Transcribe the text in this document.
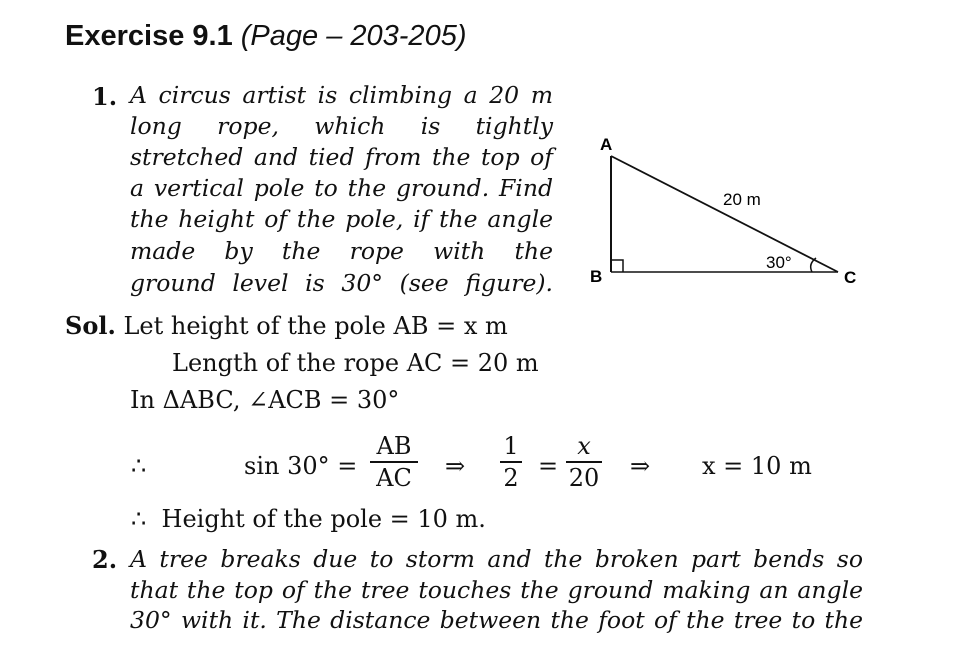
Exercise 9.1 (Page – 203-205)
1. A circus artist is climbing a 20 m
long rope, which is tightly
stretched and tied from the top of
a vertical pole to the ground. Find
the height of the pole, if the angle
made by the rope with the
ground level is 30° (see figure).
A
B	C
20 m
30°
Sol. Let height of the pole AB = x m
Length of the rope AC = 20 m
In ΔABC, ∠ACB = 30°
∴	sin 30° =
AB
AC ⇒
1
2 =
x
20 ⇒ x = 10 m
∴  Height of the pole = 10 m.
2. A tree breaks due to storm and the broken part bends so
that the top of the tree touches the ground making an angle
30° with it. The distance between the foot of the tree to the
